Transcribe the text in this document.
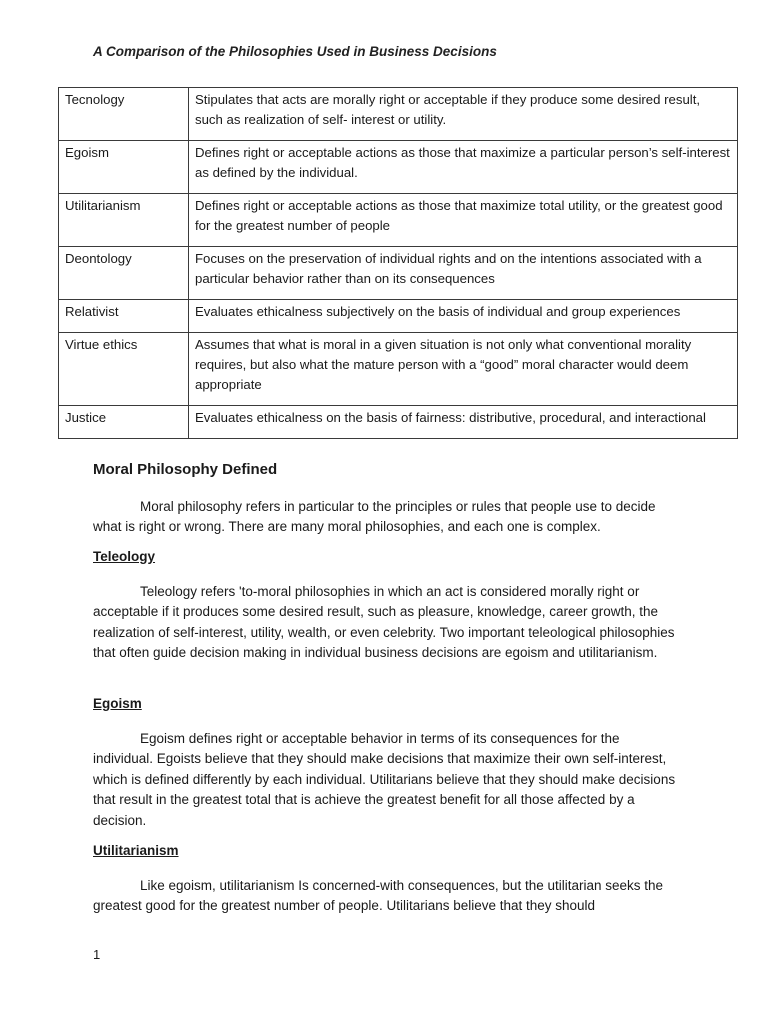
A Comparison of the Philosophies Used in Business Decisions

Tecnology	Stipulates that acts are morally right or acceptable if they produce some desired result, such as realization of self- interest or utility.
Egoism	Defines right or acceptable actions as those that maximize a particular person’s self-interest as defined by the individual.
Utilitarianism	Defines right or acceptable actions as those that maximize total utility, or the greatest good for the greatest number of people
Deontology	Focuses on the preservation of individual rights and on the intentions associated with a particular behavior rather than on its consequences
Relativist	Evaluates ethicalness subjectively on the basis of individual and group experiences
Virtue ethics	Assumes that what is moral in a given situation is not only what conventional morality requires, but also what the mature person with a “good” moral character would deem appropriate
Justice	Evaluates ethicalness on the basis of fairness: distributive, procedural, and interactional
Moral Philosophy Defined

Moral philosophy refers in particular to the principles or rules that people use to decide what is right or wrong. There are many moral philosophies, and each one is complex.

Teleology

Teleology refers 'to-moral philosophies in which an act is considered morally right or acceptable if it produces some desired result, such as pleasure, knowledge, career growth, the realization of self-interest, utility, wealth, or even celebrity. Two important teleological philosophies that often guide decision making in individual business decisions are egoism and utilitarianism.

Egoism

Egoism defines right or acceptable behavior in terms of its consequences for the individual. Egoists believe that they should make decisions that maximize their own self-interest, which is defined differently by each individual. Utilitarians believe that they should make decisions that result in the greatest total that is achieve the greatest benefit for all those affected by a decision.

Utilitarianism

Like egoism, utilitarianism Is concerned-with consequences, but the utilitarian seeks the greatest good for the greatest number of people. Utilitarians believe that they should

1
